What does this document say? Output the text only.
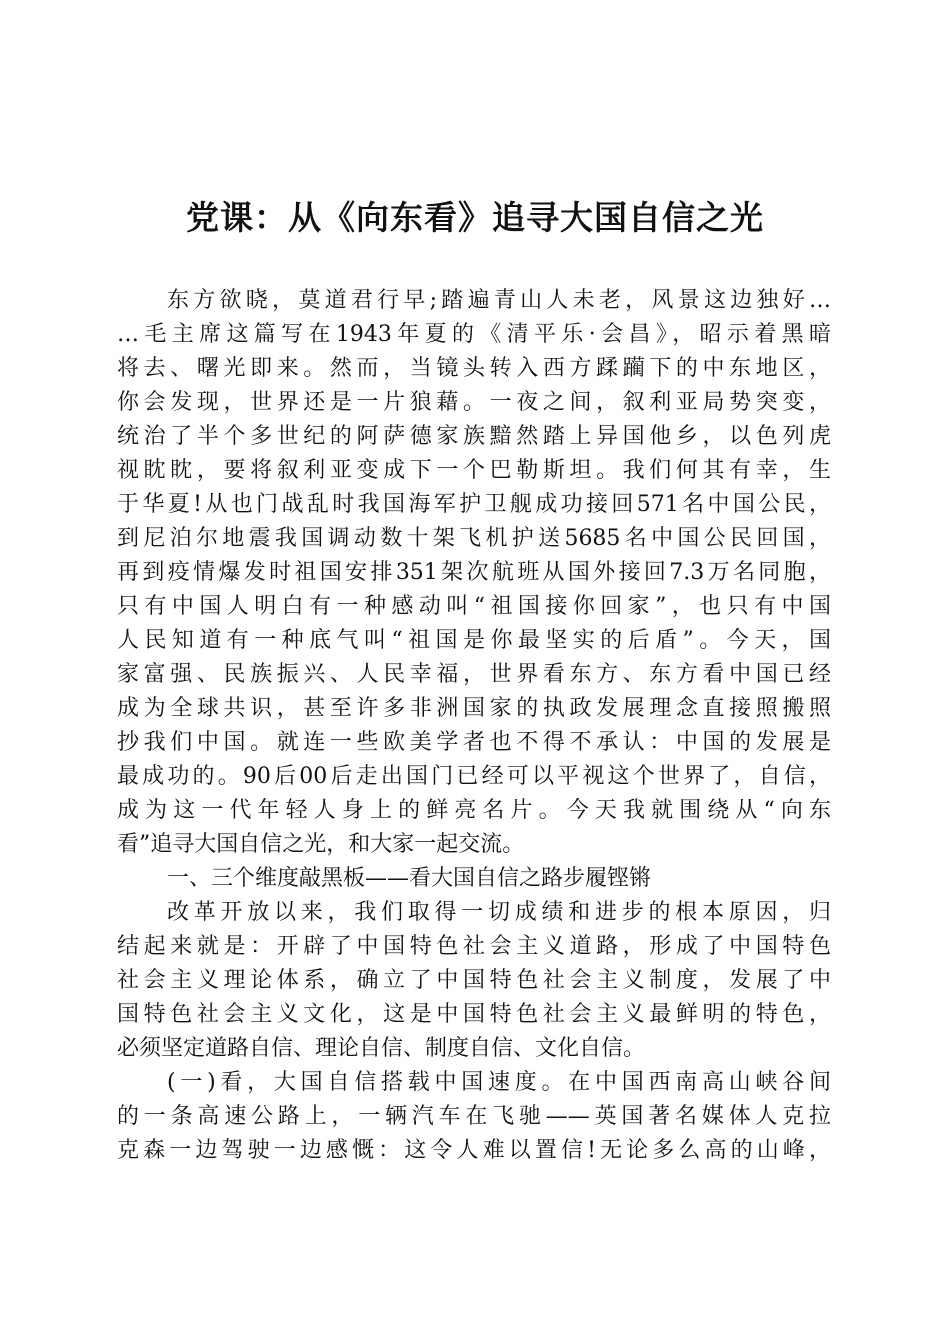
党课：从《向东看》追寻大国自信之光

东方欲晓，莫道君行早;踏遍青山人未老，风景这边独好…

…毛主席这篇写在1943年夏的《清平乐·会昌》，昭示着黑暗

将去、曙光即来。然而，当镜头转入西方蹂躏下的中东地区，

你会发现，世界还是一片狼藉。一夜之间，叙利亚局势突变，

统治了半个多世纪的阿萨德家族黯然踏上异国他乡，以色列虎

视眈眈，要将叙利亚变成下一个巴勒斯坦。我们何其有幸，生

于华夏!从也门战乱时我国海军护卫舰成功接回571名中国公民，

到尼泊尔地震我国调动数十架飞机护送5685名中国公民回国，

再到疫情爆发时祖国安排351架次航班从国外接回7.3万名同胞，

只有中国人明白有一种感动叫“祖国接你回家”，也只有中国

人民知道有一种底气叫“祖国是你最坚实的后盾”。今天，国

家富强、民族振兴、人民幸福，世界看东方、东方看中国已经

成为全球共识，甚至许多非洲国家的执政发展理念直接照搬照

抄我们中国。就连一些欧美学者也不得不承认：中国的发展是

最成功的。90后00后走出国门已经可以平视这个世界了，自信，

成为这一代年轻人身上的鲜亮名片。今天我就围绕从“向东

看”追寻大国自信之光，和大家一起交流。

一、三个维度敲黑板——看大国自信之路步履铿锵

改革开放以来，我们取得一切成绩和进步的根本原因，归

结起来就是：开辟了中国特色社会主义道路，形成了中国特色

社会主义理论体系，确立了中国特色社会主义制度，发展了中

国特色社会主义文化，这是中国特色社会主义最鲜明的特色，

必须坚定道路自信、理论自信、制度自信、文化自信。

(一)看，大国自信搭载中国速度。在中国西南高山峡谷间

的一条高速公路上，一辆汽车在飞驰——英国著名媒体人克拉

克森一边驾驶一边感慨：这令人难以置信!无论多么高的山峰，
